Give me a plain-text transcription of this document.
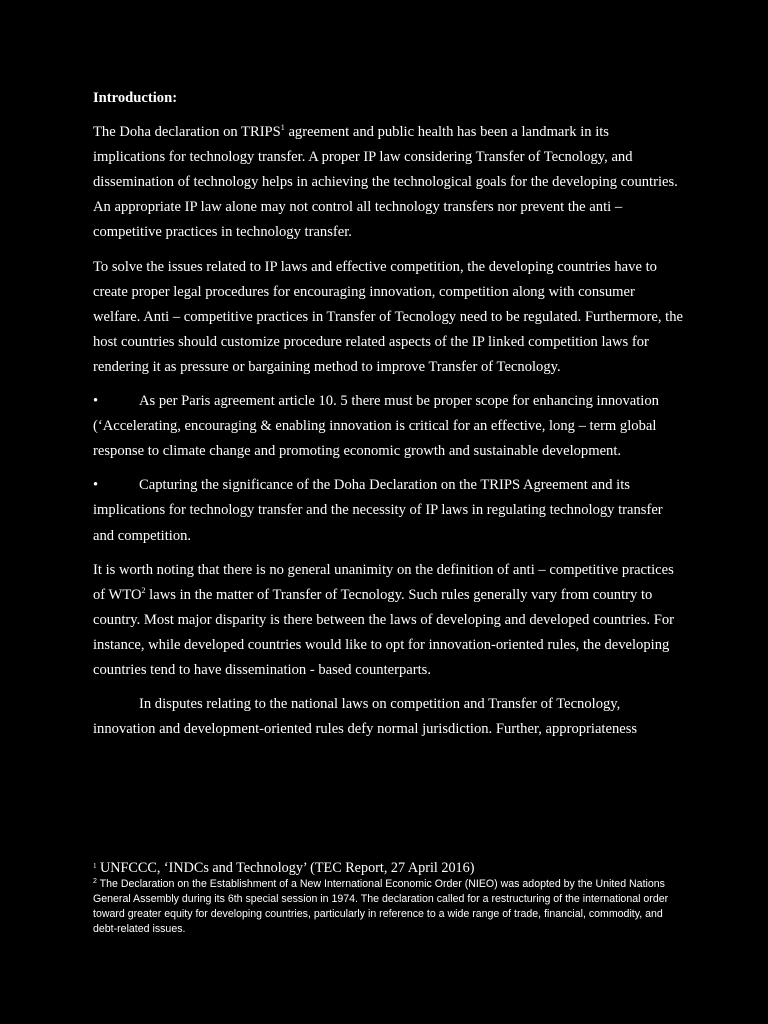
Introduction:

The Doha declaration on TRIPS$^1$ agreement and public health has been a landmark in its implications for technology transfer. A proper IP law considering Transfer of Tecnology, and dissemination of technology helps in achieving the technological goals for the developing countries. An appropriate IP law alone may not control all technology transfers nor prevent the anti – competitive practices in technology transfer.

To solve the issues related to IP laws and effective competition, the developing countries have to create proper legal procedures for encouraging innovation, competition along with consumer welfare. Anti – competitive practices in Transfer of Tecnology need to be regulated. Furthermore, the host countries should customize procedure related aspects of the IP linked competition laws for rendering it as pressure or bargaining method to improve Transfer of Tecnology.

•	As per Paris agreement article 10. 5 there must be proper scope for enhancing innovation (‘Accelerating, encouraging & enabling innovation is critical for an effective, long – term global response to climate change and promoting economic growth and sustainable development.

•	Capturing the significance of the Doha Declaration on the TRIPS Agreement and its implications for technology transfer and the necessity of IP laws in regulating technology transfer and competition.

It is worth noting that there is no general unanimity on the definition of anti – competitive practices of WTO$^2$ laws in the matter of Transfer of Tecnology. Such rules generally vary from country to country. Most major disparity is there between the laws of developing and developed countries. For instance, while developed countries would like to opt for innovation-oriented rules, the developing countries tend to have dissemination - based counterparts.

In disputes relating to the national laws on competition and Transfer of Tecnology, innovation and development-oriented rules defy normal jurisdiction. Further, appropriateness

$^1$ UNFCCC, ‘INDCs and Technology’ (TEC Report, 27 April 2016)

$^2$ The Declaration on the Establishment of a New International Economic Order (NIEO) was adopted by the United Nations General Assembly during its 6th special session in 1974. The declaration called for a restructuring of the international order toward greater equity for developing countries, particularly in reference to a wide range of trade, financial, commodity, and debt-related issues.
